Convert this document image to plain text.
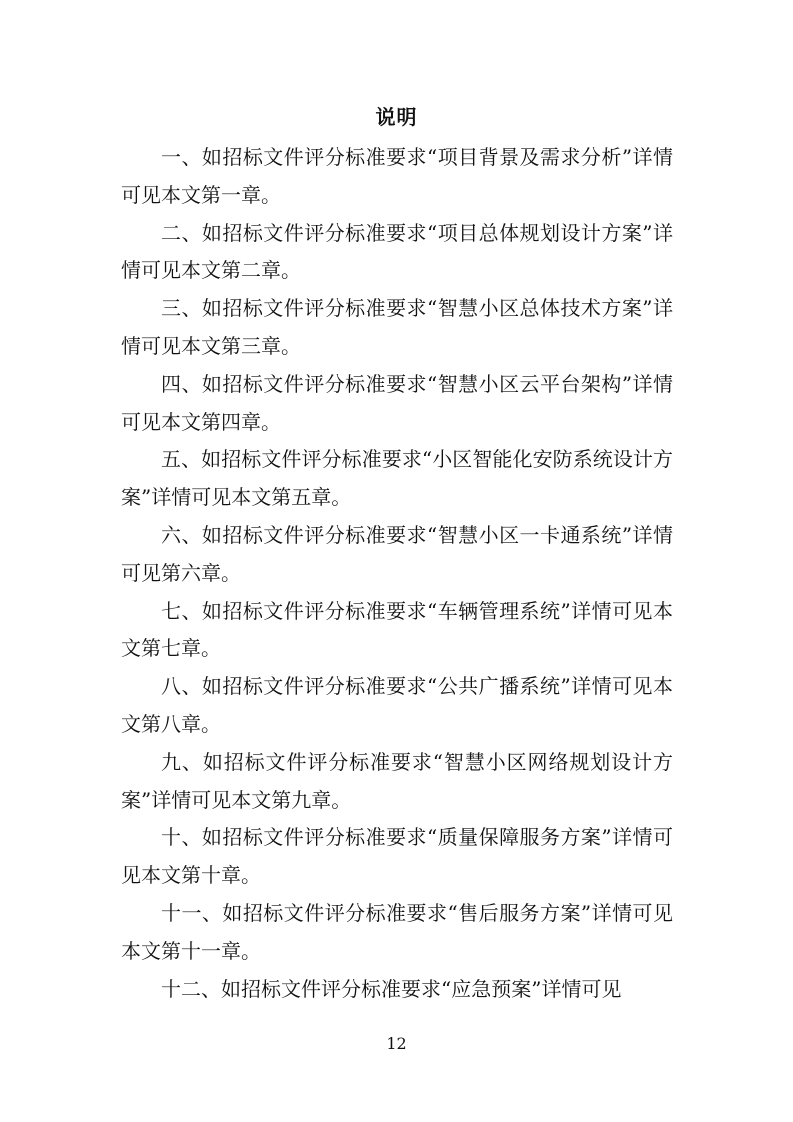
说明

一、如招标文件评分标准要求“项目背景及需求分析”详情可见本文第一章。

二、如招标文件评分标准要求“项目总体规划设计方案”详情可见本文第二章。

三、如招标文件评分标准要求“智慧小区总体技术方案”详情可见本文第三章。

四、如招标文件评分标准要求“智慧小区云平台架构”详情可见本文第四章。

五、如招标文件评分标准要求“小区智能化安防系统设计方案”详情可见本文第五章。

六、如招标文件评分标准要求“智慧小区一卡通系统”详情可见第六章。

七、如招标文件评分标准要求“车辆管理系统”详情可见本文第七章。

八、如招标文件评分标准要求“公共广播系统”详情可见本文第八章。

九、如招标文件评分标准要求“智慧小区网络规划设计方案”详情可见本文第九章。

十、如招标文件评分标准要求“质量保障服务方案”详情可见本文第十章。

十一、如招标文件评分标准要求“售后服务方案”详情可见本文第十一章。

十二、如招标文件评分标准要求“应急预案”详情可见

12
